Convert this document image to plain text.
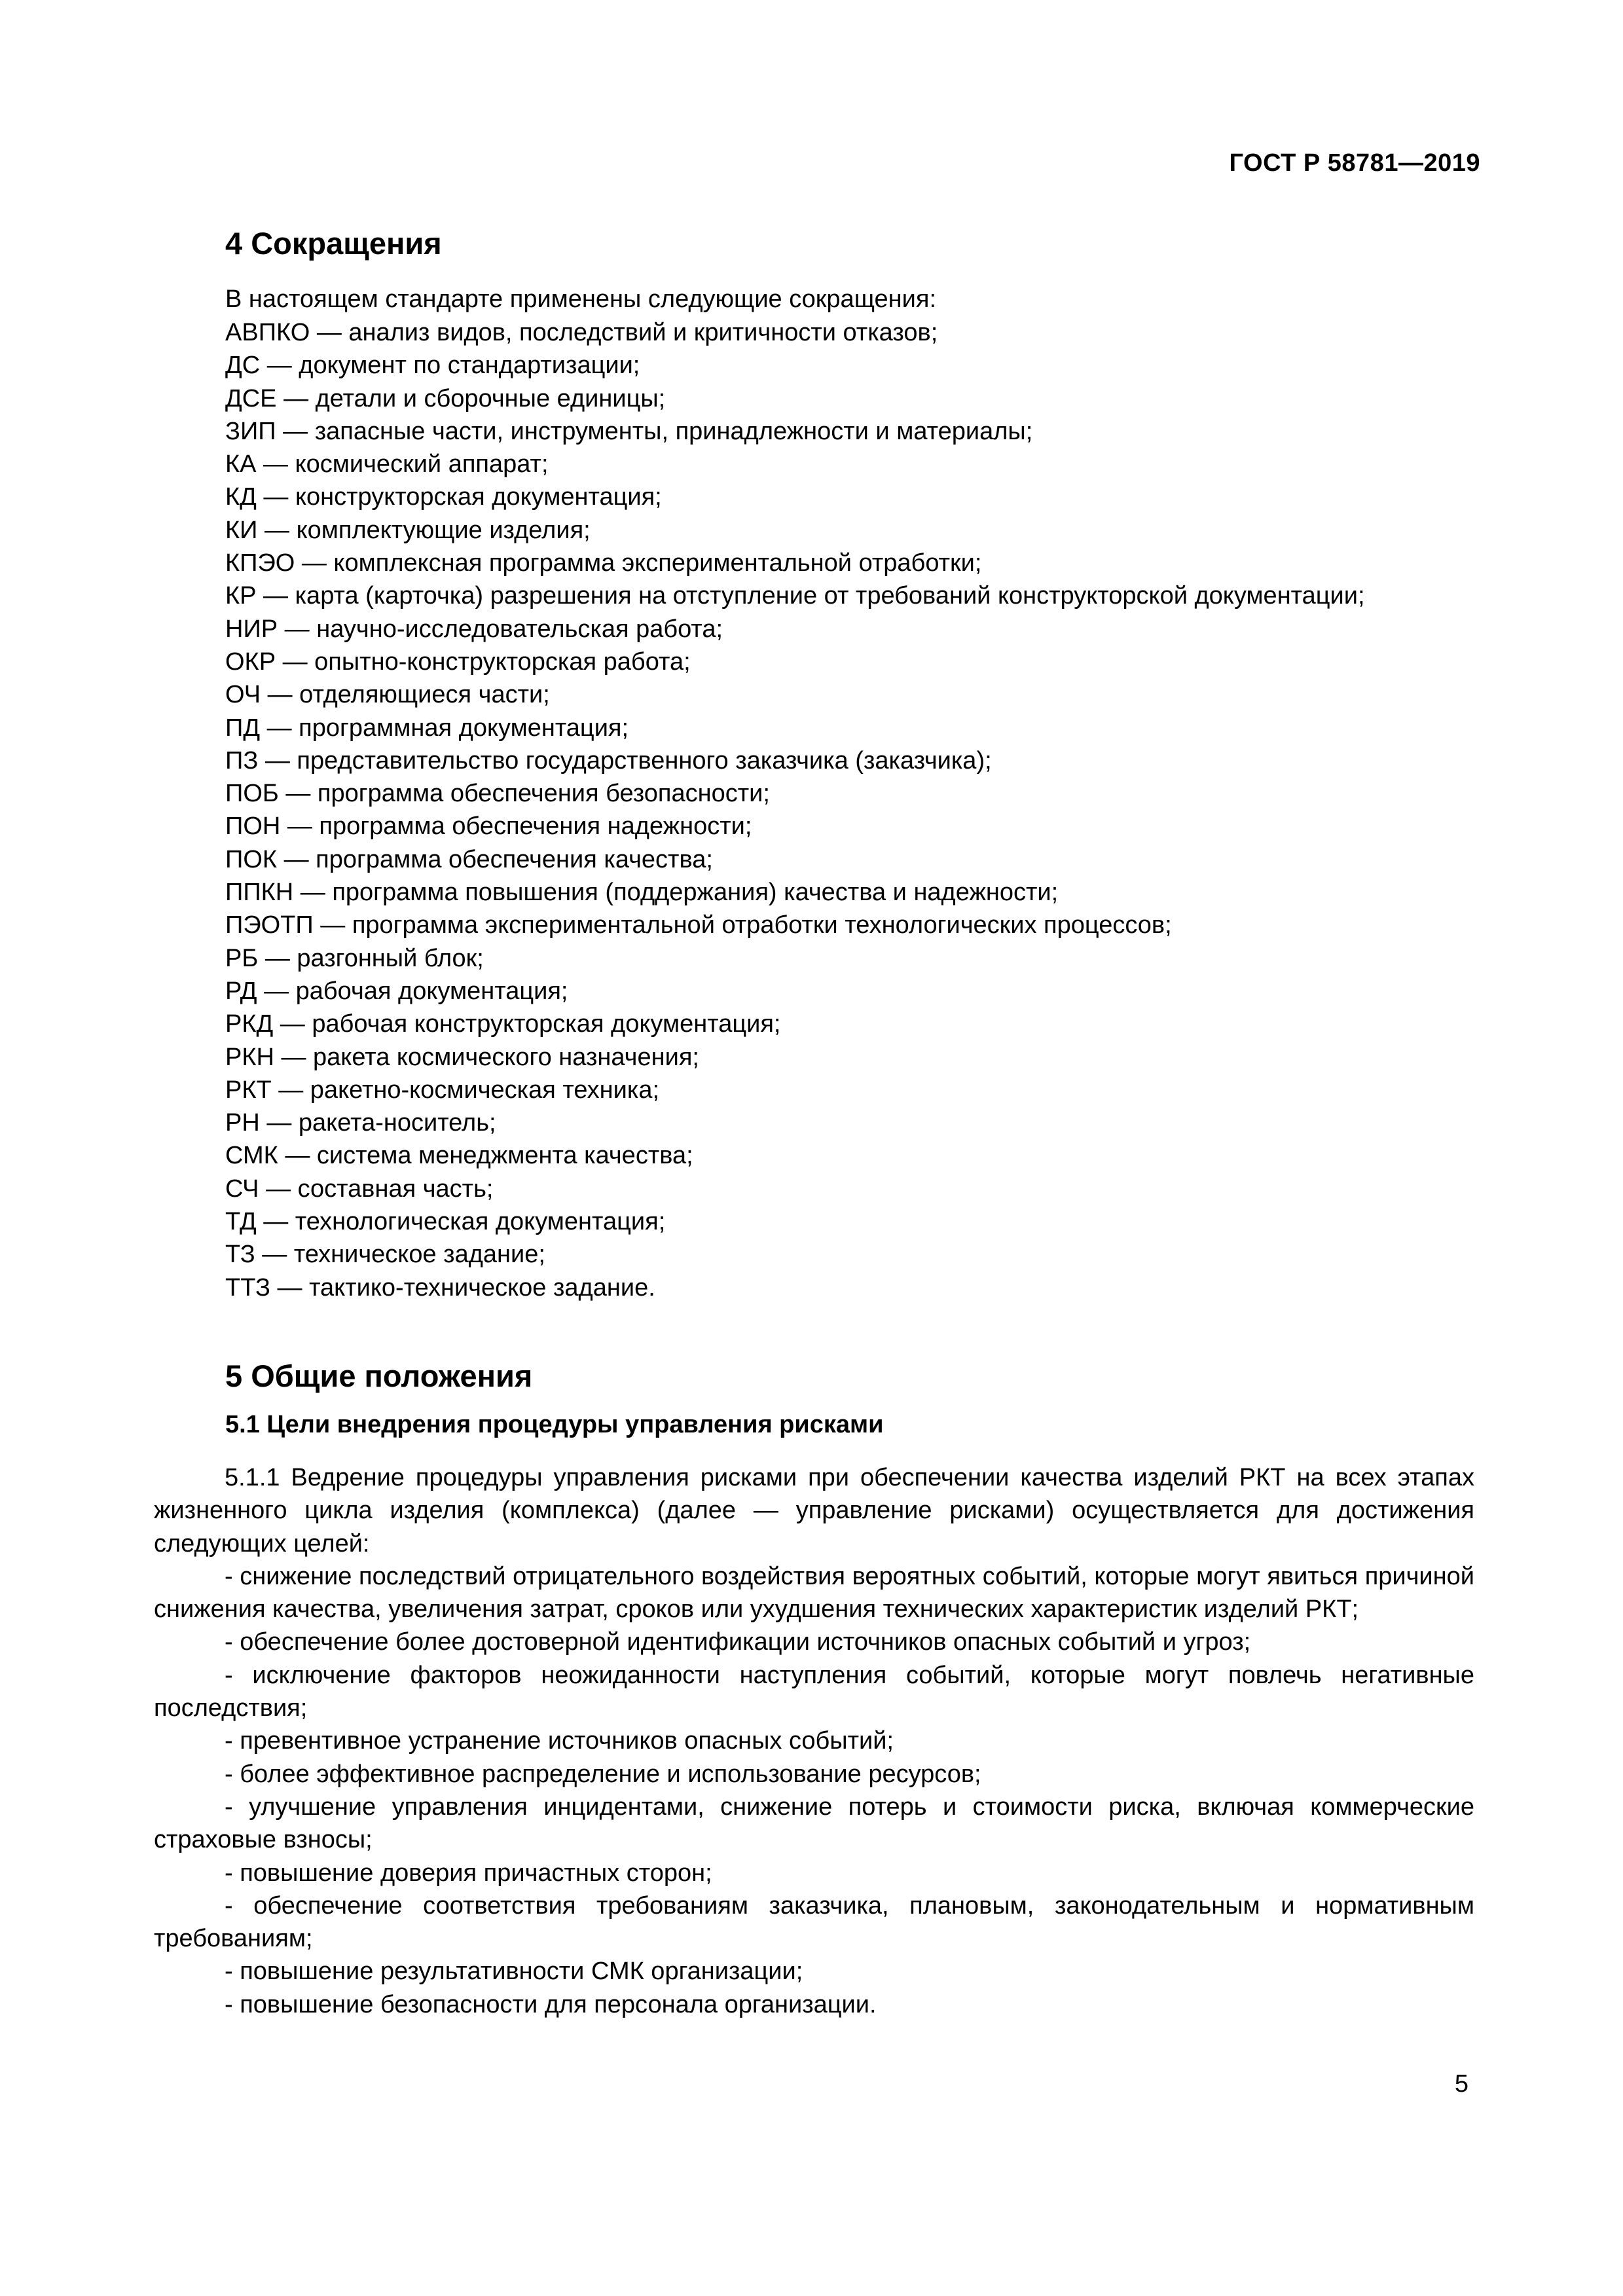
ГОСТ Р 58781—2019
4 Сокращения

В настоящем стандарте применены следующие сокращения:

АВПКО — анализ видов, последствий и критичности отказов;
ДС — документ по стандартизации;
ДСЕ — детали и сборочные единицы;
ЗИП — запасные части, инструменты, принадлежности и материалы;
КА — космический аппарат;
КД — конструкторская документация;
КИ — комплектующие изделия;
КПЭО — комплексная программа экспериментальной отработки;
КР — карта (карточка) разрешения на отступление от требований конструкторской документации;
НИР — научно-исследовательская работа;
ОКР — опытно-конструкторская работа;
ОЧ — отделяющиеся части;
ПД — программная документация;
ПЗ — представительство государственного заказчика (заказчика);
ПОБ — программа обеспечения безопасности;
ПОН — программа обеспечения надежности;
ПОК — программа обеспечения качества;
ППКН — программа повышения (поддержания) качества и надежности;
ПЭОТП — программа экспериментальной отработки технологических процессов;
РБ — разгонный блок;
РД — рабочая документация;
РКД — рабочая конструкторская документация;
РКН — ракета космического назначения;
РКТ — ракетно-космическая техника;
РН — ракета-носитель;
СМК — система менеджмента качества;
СЧ — составная часть;
ТД — технологическая документация;
ТЗ — техническое задание;
ТТЗ — тактико-техническое задание.
5 Общие положения
5.1 Цели внедрения процедуры управления рисками

5.1.1 Ведрение процедуры управления рисками при обеспечении качества изделий РКТ на всех этапах жизненного цикла изделия (комплекса) (далее — управление рисками) осуществляется для достижения следующих целей:

- снижение последствий отрицательного воздействия вероятных событий, которые могут явиться причиной снижения качества, увеличения затрат, сроков или ухудшения технических характеристик изделий РКТ;
- обеспечение более достоверной идентификации источников опасных событий и угроз;
- исключение факторов неожиданности наступления событий, которые могут повлечь негативные последствия;
- превентивное устранение источников опасных событий;
- более эффективное распределение и использование ресурсов;
- улучшение управления инцидентами, снижение потерь и стоимости риска, включая коммерческие страховые взносы;
- повышение доверия причастных сторон;
- обеспечение соответствия требованиям заказчика, плановым, законодательным и нормативным требованиям;
- повышение результативности СМК организации;
- повышение безопасности для персонала организации.
5
